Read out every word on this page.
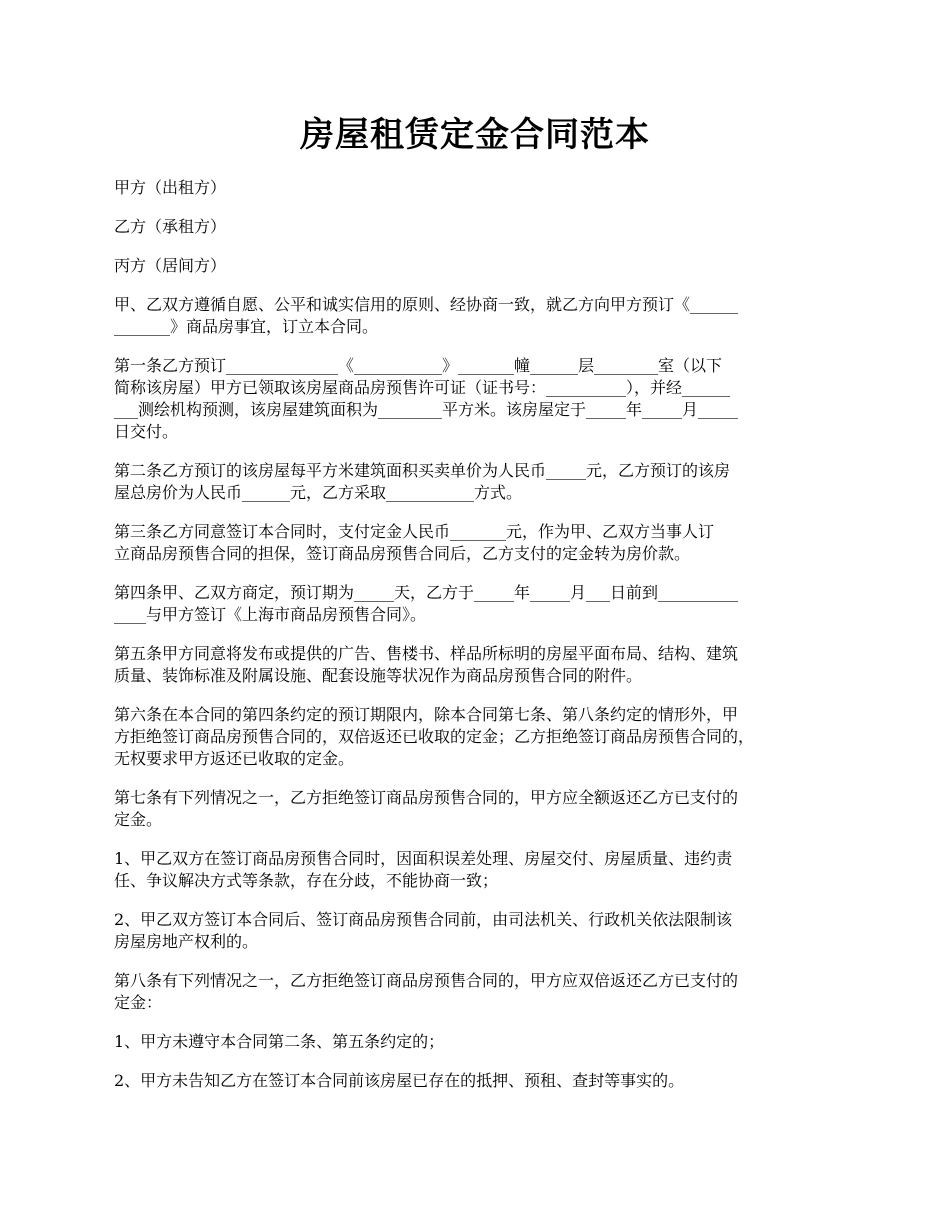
房屋租赁定金合同范本

甲方（出租方）

乙方（承租方）

丙方（居间方）

甲、乙双方遵循自愿、公平和诚实信用的原则、经协商一致，就乙方向甲方预订《______
_______》商品房事宜，订立本合同。

第一条乙方预订______________《___________》_______幢______层________室（以下
简称该房屋）甲方已领取该房屋商品房预售许可证（证书号：__________），并经______
___测绘机构预测，该房屋建筑面积为________平方米。该房屋定于_____年_____月_____
日交付。

第二条乙方预订的该房屋每平方米建筑面积买卖单价为人民币_____元，乙方预订的该房
屋总房价为人民币______元，乙方采取___________方式。

第三条乙方同意签订本合同时，支付定金人民币_______元，作为甲、乙双方当事人订
立商品房预售合同的担保，签订商品房预售合同后，乙方支付的定金转为房价款。

第四条甲、乙双方商定，预订期为_____天，乙方于_____年_____月___日前到__________
____与甲方签订《上海市商品房预售合同》。

第五条甲方同意将发布或提供的广告、售楼书、样品所标明的房屋平面布局、结构、建筑
质量、装饰标准及附属设施、配套设施等状况作为商品房预售合同的附件。

第六条在本合同的第四条约定的预订期限内，除本合同第七条、第八条约定的情形外，甲
方拒绝签订商品房预售合同的，双倍返还已收取的定金；乙方拒绝签订商品房预售合同的，
无权要求甲方返还已收取的定金。

第七条有下列情况之一，乙方拒绝签订商品房预售合同的，甲方应全额返还乙方已支付的
定金。

1、甲乙双方在签订商品房预售合同时，因面积误差处理、房屋交付、房屋质量、违约责
任、争议解决方式等条款，存在分歧，不能协商一致；

2、甲乙双方签订本合同后、签订商品房预售合同前，由司法机关、行政机关依法限制该
房屋房地产权利的。

第八条有下列情况之一，乙方拒绝签订商品房预售合同的，甲方应双倍返还乙方已支付的
定金：

1、甲方未遵守本合同第二条、第五条约定的；

2、甲方未告知乙方在签订本合同前该房屋已存在的抵押、预租、查封等事实的。
